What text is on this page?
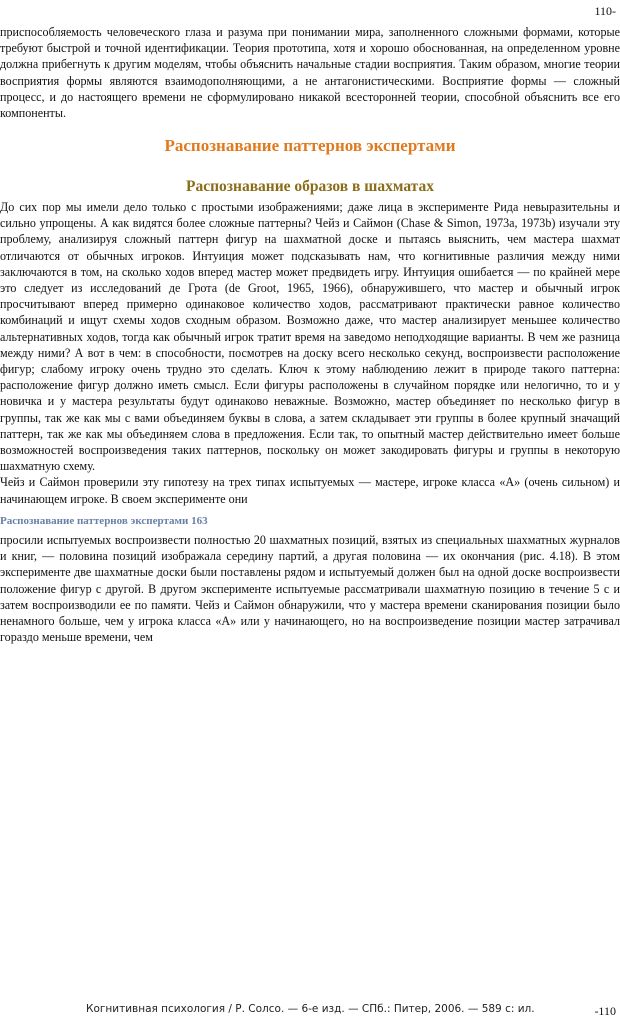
110-

приспособляемость человеческого глаза и разума при понимании мира, заполненного сложными формами, которые требуют быстрой и точной идентификации. Теория прототипа, хотя и хорошо обоснованная, на определенном уровне должна прибегнуть к другим моделям, чтобы объяснить начальные стадии восприятия. Таким образом, многие теории восприятия формы являются взаимодополняющими, а не антагонистическими. Восприятие формы — сложный процесс, и до настоящего времени не сформулировано никакой всесторонней теории, способной объяснить все его компоненты.

Распознавание паттернов экспертами
Распознавание образов в шахматах

До сих пор мы имели дело только с простыми изображениями; даже лица в эксперименте Рида невыразительны и сильно упрощены. А как видятся более сложные паттерны? Чейз и Саймон (Chase & Simon, 1973a, 1973b) изучали эту проблему, анализируя сложный паттерн фигур на шахматной доске и пытаясь выяснить, чем мастера шахмат отличаются от обычных игроков. Интуиция может подсказывать нам, что когнитивные различия между ними заключаются в том, на сколько ходов вперед мастер может предвидеть игру. Интуиция ошибается — по крайней мере это следует из исследований де Грота (de Groot, 1965, 1966), обнаружившего, что мастер и обычный игрок просчитывают вперед примерно одинаковое количество ходов, рассматривают практически равное количество комбинаций и ищут схемы ходов сходным образом. Возможно даже, что мастер анализирует меньшее количество альтернативных ходов, тогда как обычный игрок тратит время на заведомо неподходящие варианты. В чем же разница между ними? А вот в чем: в способности, посмотрев на доску всего несколько секунд, воспроизвести расположение фигур; слабому игроку очень трудно это сделать. Ключ к этому наблюдению лежит в природе такого паттерна: расположение фигур должно иметь смысл. Если фигуры расположены в случайном порядке или нелогично, то и у новичка и у мастера результаты будут одинаково неважные. Возможно, мастер объединяет по несколько фигур в группы, так же как мы с вами объединяем буквы в слова, а затем складывает эти группы в более крупный значащий паттерн, так же как мы объединяем слова в предложения. Если так, то опытный мастер действительно имеет больше возможностей воспроизведения таких паттернов, поскольку он может закодировать фигуры и группы в некоторую шахматную схему.

Чейз и Саймон проверили эту гипотезу на трех типах испытуемых — мастере, игроке класса «А» (очень сильном) и начинающем игроке. В своем эксперименте они

Распознавание паттернов экспертами 163

просили испытуемых воспроизвести полностью 20 шахматных позиций, взятых из специальных шахматных журналов и книг, — половина позиций изображала середину партий, а другая половина — их окончания (рис. 4.18). В этом эксперименте две шахматные доски были поставлены рядом и испытуемый должен был на одной доске воспроизвести положение фигур с другой. В другом эксперименте испытуемые рассматривали шахматную позицию в течение 5 с и затем воспроизводили ее по памяти. Чейз и Саймон обнаружили, что у мастера времени сканирования позиции было ненамного больше, чем у игрока класса «А» или у начинающего, но на воспроизведение позиции мастер затрачивал гораздо меньше времени, чем

Когнитивная психология / Р. Солсо. — 6-е изд. — СПб.: Питер, 2006. — 589 с: ил.	-110
